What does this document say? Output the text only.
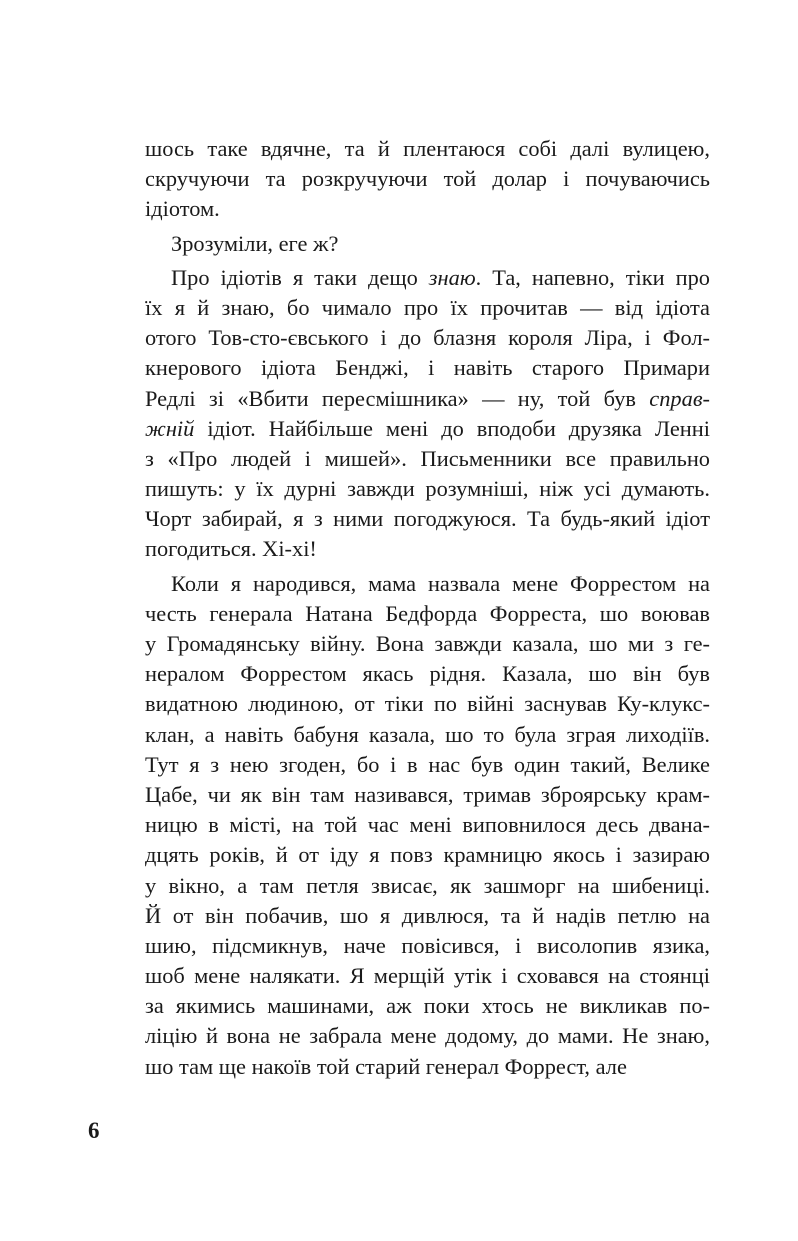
шось таке вдячне, та й плентаюся собі далі вулицею,
скручуючи та розкручуючи той долар і почуваючись
ідіотом.
Зрозуміли, еге ж?
Про ідіотів я таки дещо знаю. Та, напевно, тіки про
їх я й знаю, бо чимало про їх прочитав — від ідіота
отого Тов-сто-євського і до блазня короля Ліра, і Фол-
кнерового ідіота Бенджі, і навіть старого Примари
Редлі зі «Вбити пересмішника» — ну, той був справ-
жній ідіот. Найбільше мені до вподоби друзяка Ленні
з «Про людей і мишей». Письменники все правильно
пишуть: у їх дурні завжди розумніші, ніж усі думають.
Чорт забирай, я з ними погоджуюся. Та будь-який ідіот
погодиться. Хі-хі!
Коли я народився, мама назвала мене Форрестом на
честь генерала Натана Бедфорда Форреста, шо воював
у Громадянську війну. Вона завжди казала, шо ми з ге-
нералом Форрестом якась рідня. Казала, шо він був
видатною людиною, от тіки по війні заснував Ку-клукс-
клан, а навіть бабуня казала, шо то була зграя лиходіїв.
Тут я з нею згоден, бо і в нас був один такий, Велике
Цабе, чи як він там називався, тримав зброярську крам-
ницю в місті, на той час мені виповнилося десь дванa-
дцять років, й от іду я повз крамницю якось і зазираю
у вікно, а там петля звисає, як зашморг на шибениці.
Й от він побачив, шо я дивлюся, та й надів петлю на
шию, підсмикнув, наче повісився, і висолопив язика,
шоб мене налякати. Я мерщій утік і сховався на стоянці
за якимись машинами, аж поки хтось не викликав по-
ліцію й вона не забрала мене додому, до мами. Не знаю,
шо там ще накоїв той старий генерал Форрест, але
6
